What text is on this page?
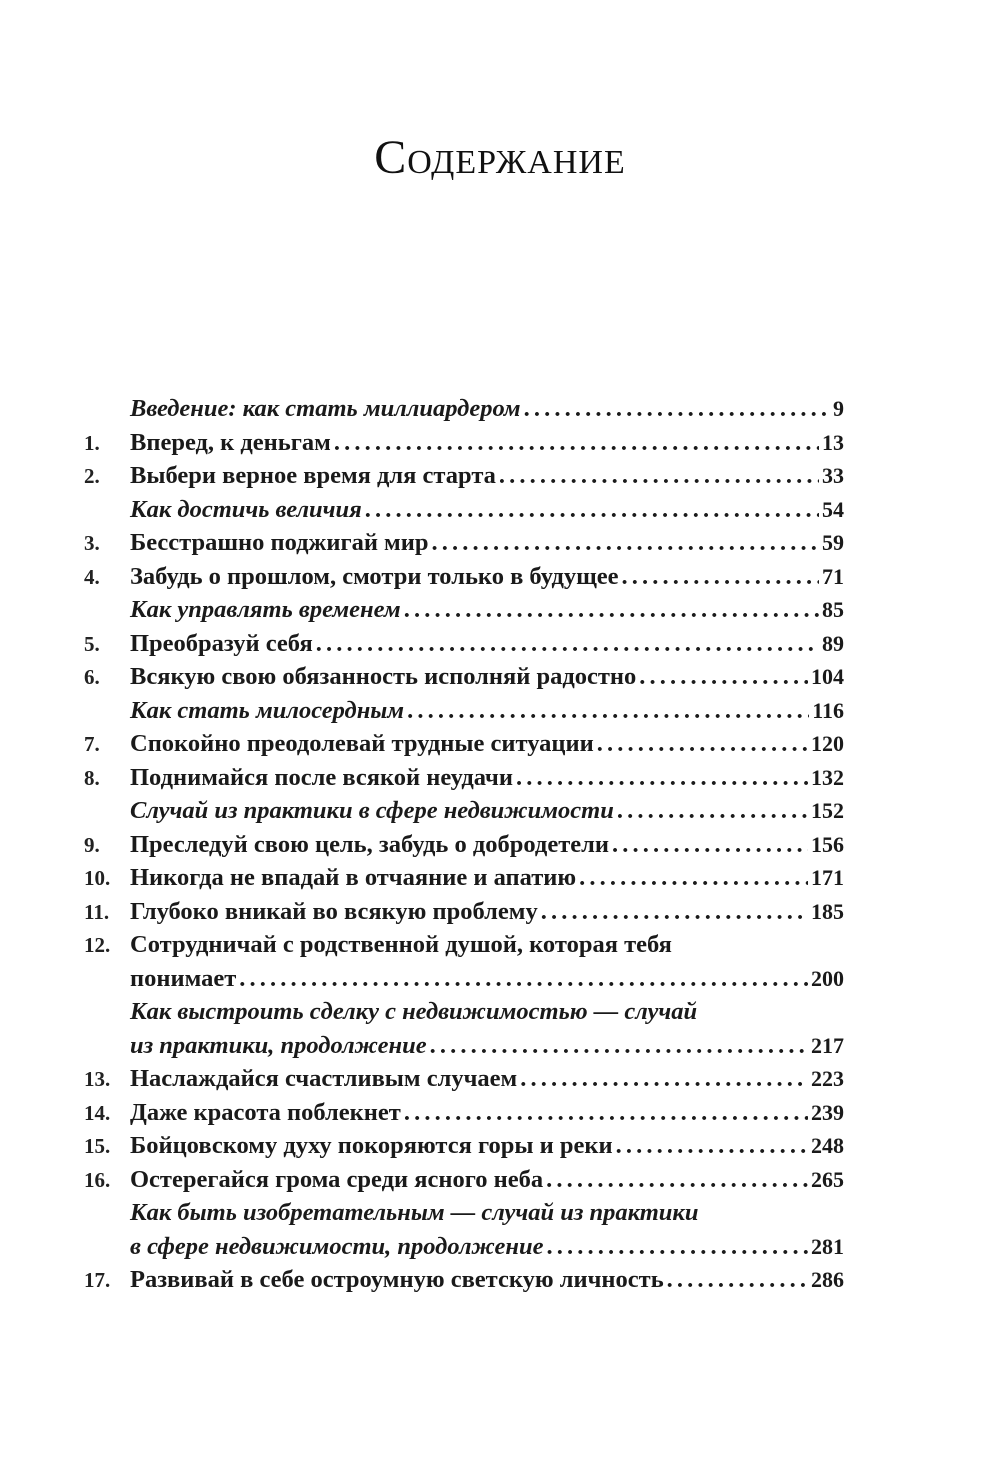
Содержание
Введение: как стать миллиардером . . .	9
1.	Вперед, к деньгам . . .	13
2.	Выбери верное время для старта . . .	33
Как достичь величия . . .	54
3.	Бесстрашно поджигай мир . . .	59
4.	Забудь о прошлом, смотри только в будущее . . .	71
Как управлять временем . . .	85
5.	Преобразуй себя . . .	89
6.	Всякую свою обязанность исполняй радостно . . .	104
Как стать милосердным . . .	116
7.	Спокойно преодолевай трудные ситуации . . .	120
8.	Поднимайся после всякой неудачи . . .	132
Случай из практики в сфере недвижимости . . .	152
9.	Преследуй свою цель, забудь о добродетели . . .	156
10. Никогда не впадай в отчаяние и апатию . . .	171
11. Глубоко вникай во всякую проблему . . .	185
12. Сотрудничай с родственной душой, которая тебя
понимает . . .	200
Как выстроить сделку с недвижимостью — случай
из практики, продолжение . . .	217
13. Наслаждайся счастливым случаем . . .	223
14. Даже красота поблекнет . . .	239
15. Бойцовскому духу покоряются горы и реки . . .	248
16. Остерегайся грома среди ясного неба . . .	265
Как быть изобретательным — случай из практики
в сфере недвижимости, продолжение . . .	281
17. Развивай в себе остроумную светскую личность . . .	286
